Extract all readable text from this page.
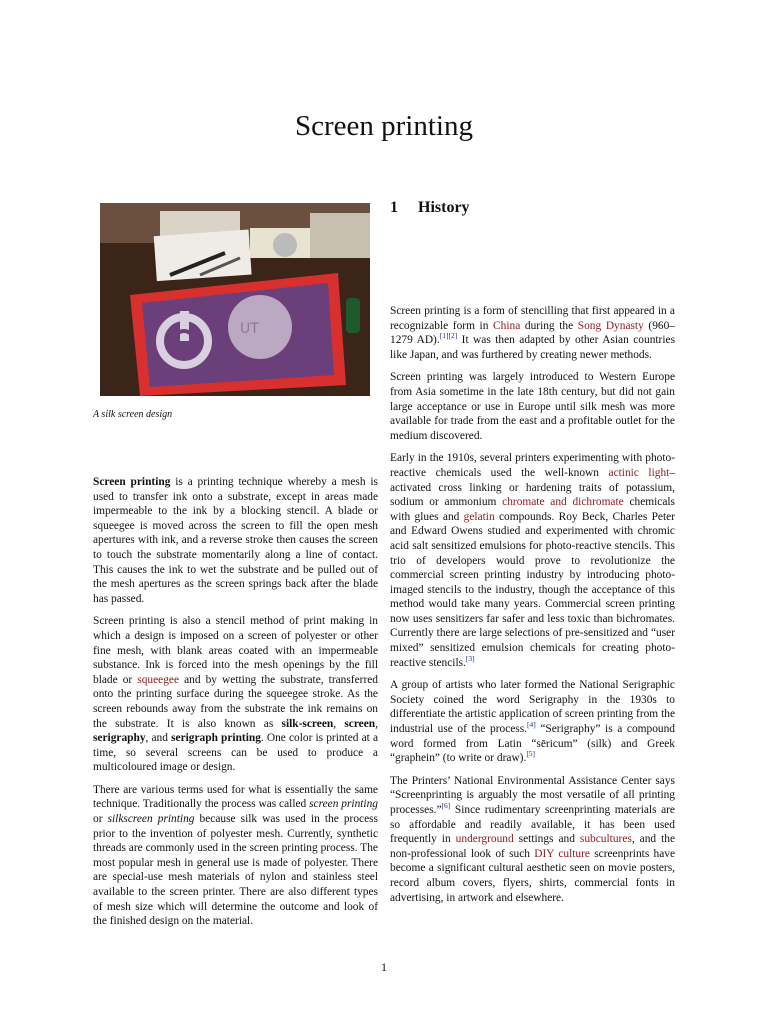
Screen printing
UT
A silk screen design
1 History

Screen printing is a printing technique whereby a mesh is used to transfer ink onto a substrate, except in areas made impermeable to the ink by a blocking stencil. A blade or squeegee is moved across the screen to fill the open mesh apertures with ink, and a reverse stroke then causes the screen to touch the substrate momentarily along a line of contact. This causes the ink to wet the substrate and be pulled out of the mesh apertures as the screen springs back after the blade has passed.

Screen printing is also a stencil method of print making in which a design is imposed on a screen of polyester or other fine mesh, with blank areas coated with an impermeable substance. Ink is forced into the mesh openings by the fill blade or squeegee and by wetting the substrate, transferred onto the printing surface during the squeegee stroke. As the screen rebounds away from the substrate the ink remains on the substrate. It is also known as silk-screen, screen, serigraphy, and serigraph printing. One color is printed at a time, so several screens can be used to produce a multicoloured image or design.

There are various terms used for what is essentially the same technique. Traditionally the process was called screen printing or silkscreen printing because silk was used in the process prior to the invention of polyester mesh. Currently, synthetic threads are commonly used in the screen printing process. The most popular mesh in general use is made of polyester. There are special-use mesh materials of nylon and stainless steel available to the screen printer. There are also different types of mesh size which will determine the outcome and look of the finished design on the material.

Screen printing is a form of stencilling that first appeared in a recognizable form in China during the Song Dynasty (960–1279 AD).[1][2] It was then adapted by other Asian countries like Japan, and was furthered by creating newer methods.

Screen printing was largely introduced to Western Europe from Asia sometime in the late 18th century, but did not gain large acceptance or use in Europe until silk mesh was more available for trade from the east and a profitable outlet for the medium discovered.

Early in the 1910s, several printers experimenting with photo-reactive chemicals used the well-known actinic light–activated cross linking or hardening traits of potassium, sodium or ammonium chromate and dichromate chemicals with glues and gelatin compounds. Roy Beck, Charles Peter and Edward Owens studied and experimented with chromic acid salt sensitized emulsions for photo-reactive stencils. This trio of developers would prove to revolutionize the commercial screen printing industry by introducing photo-imaged stencils to the industry, though the acceptance of this method would take many years. Commercial screen printing now uses sensitizers far safer and less toxic than bichromates. Currently there are large selections of pre-sensitized and “user mixed” sensitized emulsion chemicals for creating photo-reactive stencils.[3]

A group of artists who later formed the National Serigraphic Society coined the word Serigraphy in the 1930s to differentiate the artistic application of screen printing from the industrial use of the process.[4] “Serigraphy” is a compound word formed from Latin “sēricum” (silk) and Greek “graphein” (to write or draw).[5]

The Printers’ National Environmental Assistance Center says “Screenprinting is arguably the most versatile of all printing processes.”[6] Since rudimentary screenprinting materials are so affordable and readily available, it has been used frequently in underground settings and subcultures, and the non-professional look of such DIY culture screenprints have become a significant cultural aesthetic seen on movie posters, record album covers, flyers, shirts, commercial fonts in advertising, in artwork and elsewhere.

1
